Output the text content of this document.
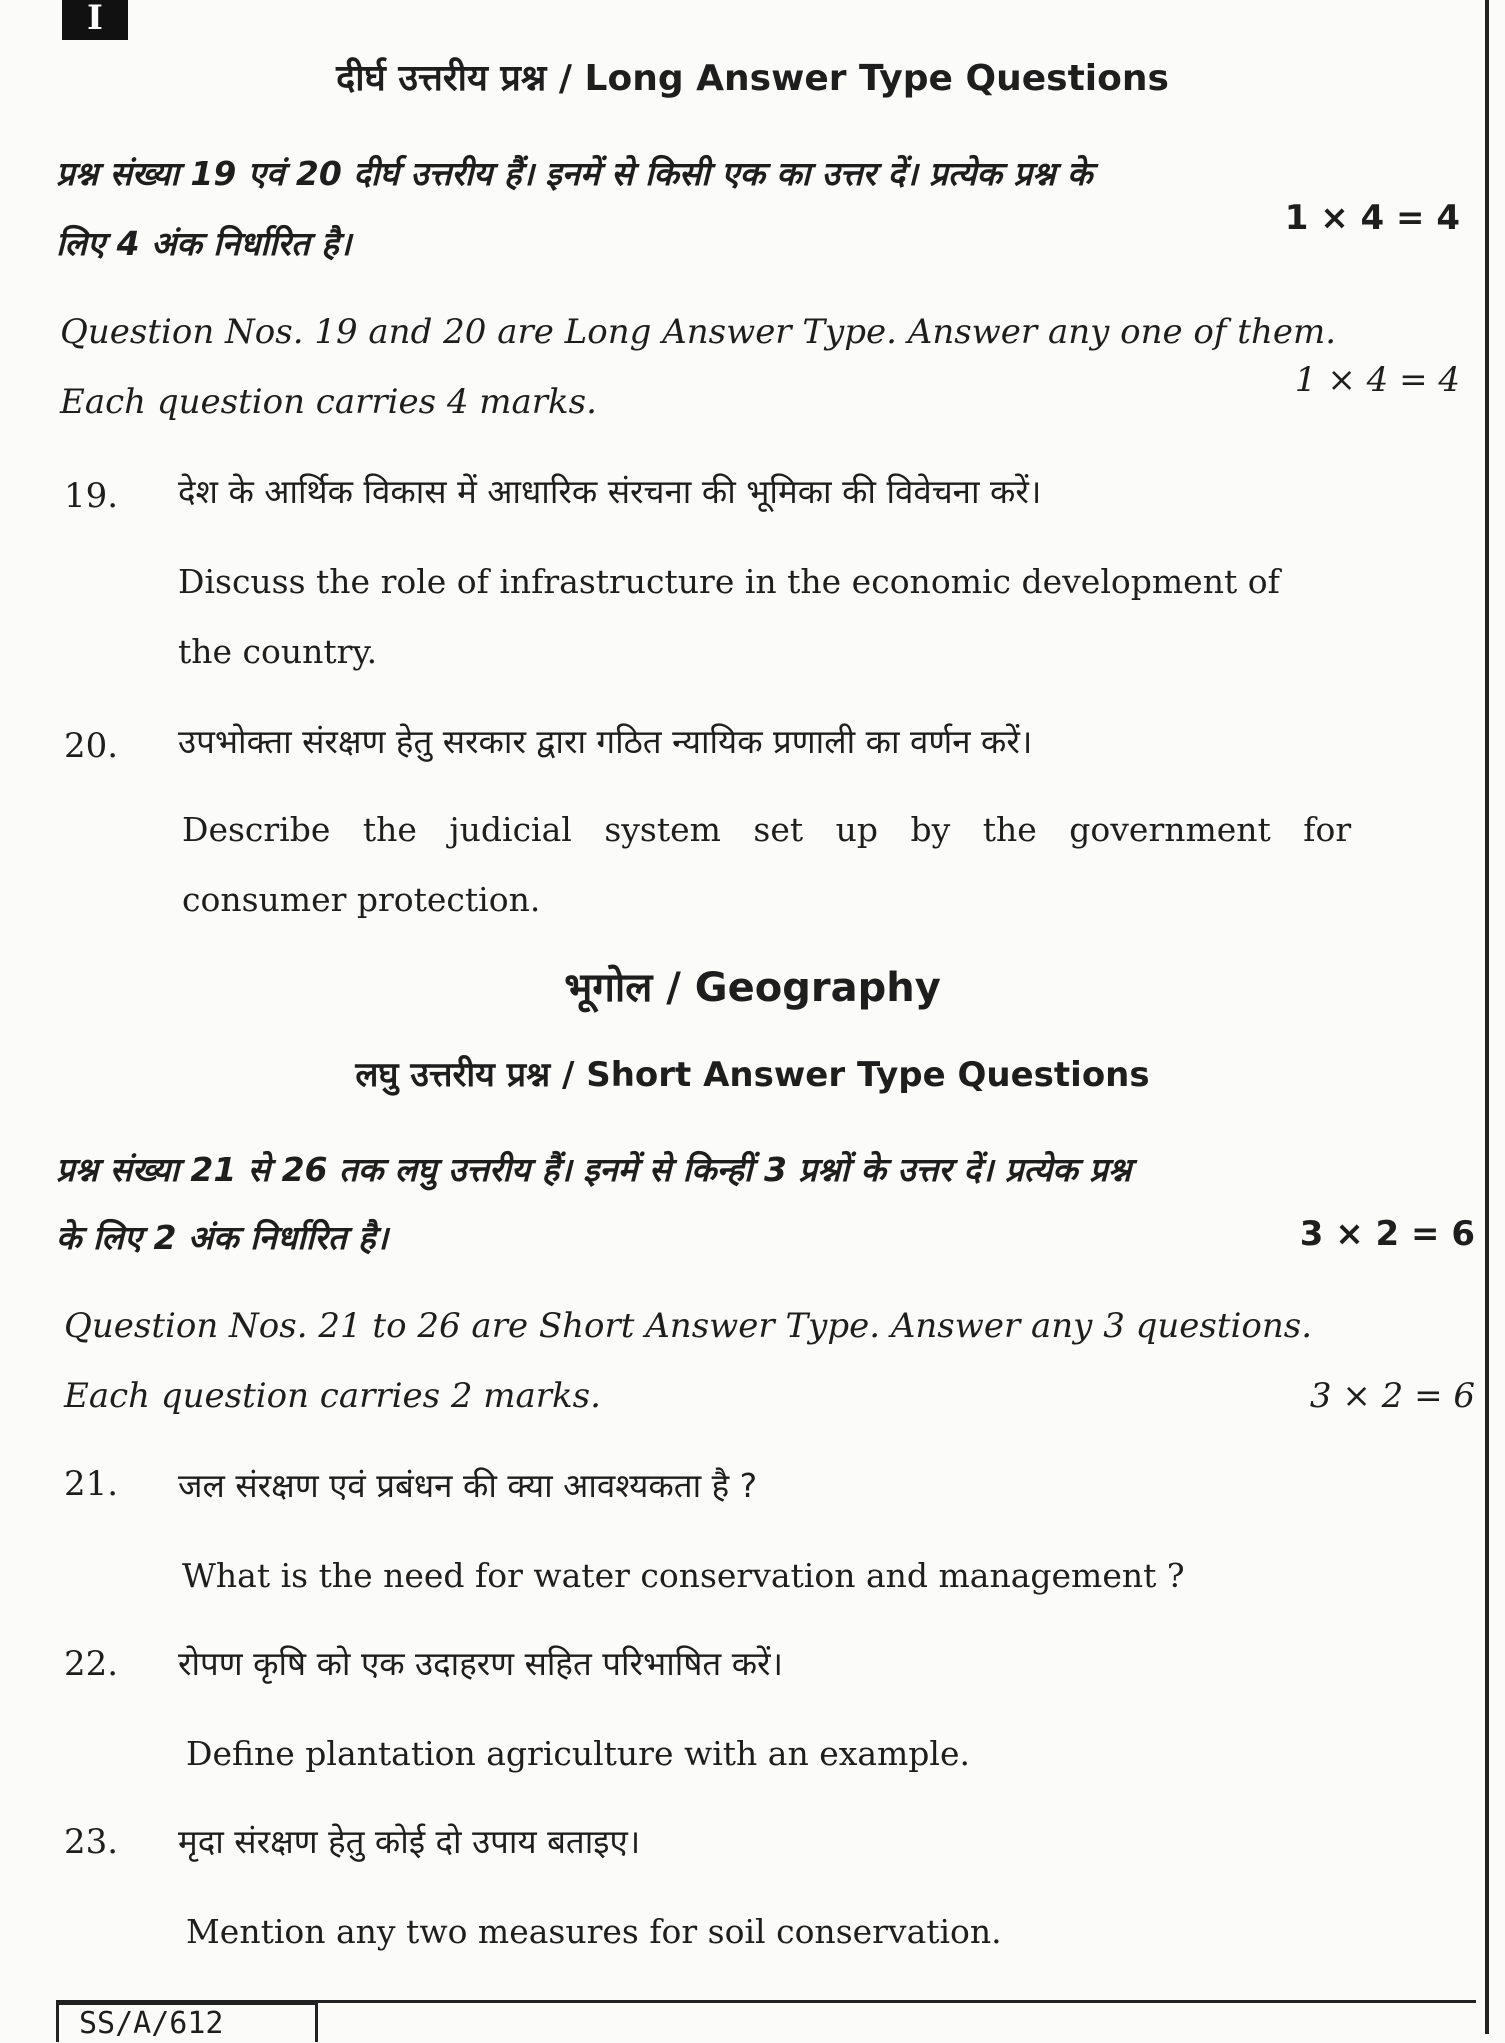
I
दीर्घ उत्तरीय प्रश्न / Long Answer Type Questions
प्रश्न संख्या 19 एवं 20 दीर्घ उत्तरीय हैं। इनमें से किसी एक का उत्तर दें। प्रत्येक प्रश्न के
लिए 4 अंक निर्धारित है।
1 × 4 = 4
Question Nos. 19 and 20 are Long Answer Type. Answer any one of them.
1 × 4 = 4
Each question carries 4 marks.
19. देश के आर्थिक विकास में आधारिक संरचना की भूमिका की विवेचना करें।
Discuss the role of infrastructure in the economic development of
the country.
20. उपभोक्ता संरक्षण हेतु सरकार द्वारा गठित न्यायिक प्रणाली का वर्णन करें।
Describe the judicial system set up by the government for
consumer protection.
भूगोल / Geography
लघु उत्तरीय प्रश्न / Short Answer Type Questions
प्रश्न संख्या 21 से 26 तक लघु उत्तरीय हैं। इनमें से किन्हीं 3 प्रश्नों के उत्तर दें। प्रत्येक प्रश्न
के लिए 2 अंक निर्धारित है।	3 × 2 = 6
Question Nos. 21 to 26 are Short Answer Type. Answer any 3 questions.
Each question carries 2 marks.	3 × 2 = 6
21. जल संरक्षण एवं प्रबंधन की क्या आवश्यकता है ?
What is the need for water conservation and management ?
22. रोपण कृषि को एक उदाहरण सहित परिभाषित करें।
Define plantation agriculture with an example.
23. मृदा संरक्षण हेतु कोई दो उपाय बताइए।
Mention any two measures for soil conservation.
SS/A/612
